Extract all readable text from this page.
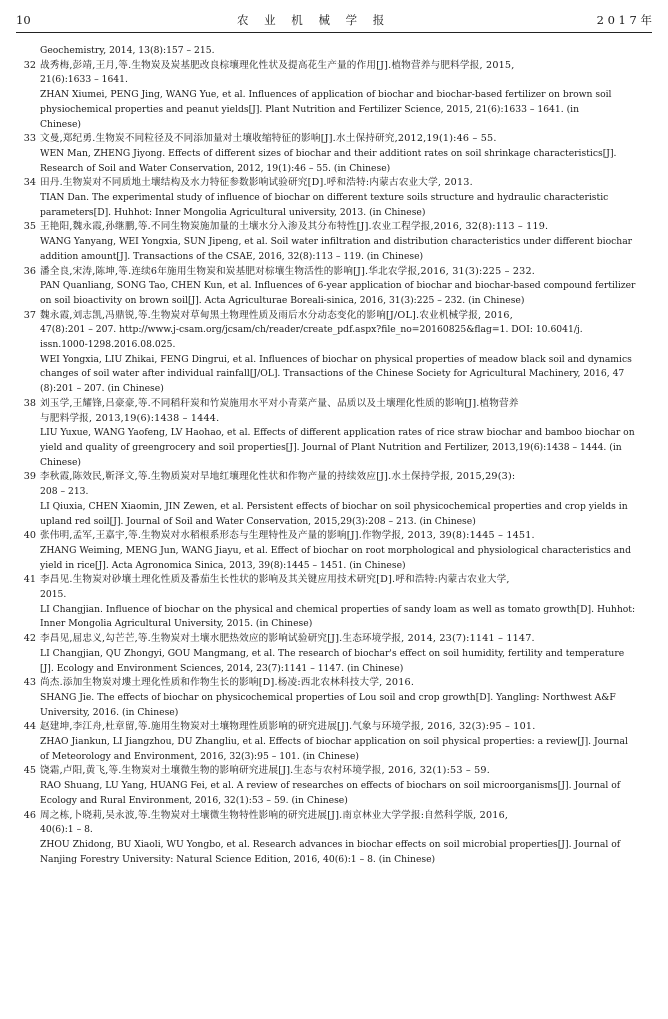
10	农 业 机 械 学 报	2 0 1 7 年
Geochemistry, 2014, 13(8):157 – 215.
32 战秀梅,彭靖,王月,等.生物炭及炭基肥改良棕壤理化性状及提高花生产量的作用[J].植物营养与肥料学报, 2015,
21(6):1633 – 1641.
ZHAN Xiumei, PENG Jing, WANG Yue, et al. Influences of application of biochar and biochar-based fertilizer on brown soil
physiochemical properties and peanut yields[J]. Plant Nutrition and Fertilizer Science, 2015, 21(6):1633 – 1641. (in
Chinese)
33 文曼,郑纪勇.生物炭不同粒径及不同添加量对土壤收缩特征的影响[J].水土保持研究,2012,19(1):46 – 55.
WEN Man, ZHENG Jiyong. Effects of different sizes of biochar and their additiont rates on soil shrinkage characteristics[J].
Research of Soil and Water Conservation, 2012, 19(1):46 – 55. (in Chinese)
34 田丹.生物炭对不同质地土壤结构及水力特征参数影响试验研究[D].呼和浩特:内蒙古农业大学, 2013.
TIAN Dan. The experimental study of influence of biochar on different texture soils structure and hydraulic characteristic
parameters[D]. Huhhot: Inner Mongolia Agricultural university, 2013. (in Chinese)
35 王艳阳,魏永霞,孙继鹏,等.不同生物炭施加量的土壤水分入渗及其分布特性[J].农业工程学报,2016, 32(8):113 – 119.
WANG Yanyang, WEI Yongxia, SUN Jipeng, et al. Soil water infiltration and distribution characteristics under different biochar
addition amount[J]. Transactions of the CSAE, 2016, 32(8):113 – 119. (in Chinese)
36 潘全良,宋涛,陈坤,等.连续6年施用生物炭和炭基肥对棕壤生物活性的影响[J].华北农学报,2016, 31(3):225 – 232.
PAN Quanliang, SONG Tao, CHEN Kun, et al. Influences of 6-year application of biochar and biochar-based compound fertilizer
on soil bioactivity on brown soil[J]. Acta Agriculturae Boreali-sinica, 2016, 31(3):225 – 232. (in Chinese)
37 魏永霞,刘志凯,冯鼎锐,等.生物炭对草甸黑土物理性质及雨后水分动态变化的影响[J/OL].农业机械学报, 2016,
47(8):201 – 207. http://www.j-csam.org/jcsam/ch/reader/create_pdf.aspx?file_no=20160825&flag=1. DOI: 10.6041/j.
issn.1000-1298.2016.08.025.
WEI Yongxia, LIU Zhikai, FENG Dingrui, et al. Influences of biochar on physical properties of meadow black soil and dynamics
changes of soil water after individual rainfall[J/OL]. Transactions of the Chinese Society for Agricultural Machinery, 2016, 47
(8):201 – 207. (in Chinese)
38 刘玉学,王耀锋,吕豪豪,等.不同稻秆炭和竹炭施用水平对小青菜产量、品质以及土壤理化性质的影响[J].植物营养
与肥料学报, 2013,19(6):1438 – 1444.
LIU Yuxue, WANG Yaofeng, LV Haohao, et al. Effects of different application rates of rice straw biochar and bamboo biochar on
yield and quality of greengrocery and soil properties[J]. Journal of Plant Nutrition and Fertilizer, 2013,19(6):1438 – 1444. (in
Chinese)
39 李秋霞,陈效民,靳泽文,等.生物质炭对旱地红壤理化性状和作物产量的持续效应[J].水土保持学报, 2015,29(3):
208 – 213.
LI Qiuxia, CHEN Xiaomin, JIN Zewen, et al. Persistent effects of biochar on soil physicochemical properties and crop yields in
upland red soil[J]. Journal of Soil and Water Conservation, 2015,29(3):208 – 213. (in Chinese)
40 张伟明,孟军,王嘉宇,等.生物炭对水稻根系形态与生理特性及产量的影响[J].作物学报, 2013, 39(8):1445 – 1451.
ZHANG Weiming, MENG Jun, WANG Jiayu, et al. Effect of biochar on root morphological and physiological characteristics and
yield in rice[J]. Acta Agronomica Sinica, 2013, 39(8):1445 – 1451. (in Chinese)
41 李昌见.生物炭对砂壤土理化性质及番茄生长性状的影响及其关键应用技术研究[D].呼和浩特:内蒙古农业大学,
2015.
LI Changjian. Influence of biochar on the physical and chemical properties of sandy loam as well as tomato growth[D]. Huhhot:
Inner Mongolia Agricultural University, 2015. (in Chinese)
42 李昌见,屈忠义,勾芒芒,等.生物炭对土壤水肥热效应的影响试验研究[J].生态环境学报, 2014, 23(7):1141 – 1147.
LI Changjian, QU Zhongyi, GOU Mangmang, et al. The research of biochar's effect on soil humidity, fertility and temperature
[J]. Ecology and Environment Sciences, 2014, 23(7):1141 – 1147. (in Chinese)
43 尚杰.添加生物炭对塿土理化性质和作物生长的影响[D].杨凌:西北农林科技大学, 2016.
SHANG Jie. The effects of biochar on physicochemical properties of Lou soil and crop growth[D]. Yangling: Northwest A&F
University, 2016. (in Chinese)
44 赵建坤,李江舟,杜章留,等.施用生物炭对土壤物理性质影响的研究进展[J].气象与环境学报, 2016, 32(3):95 – 101.
ZHAO Jiankun, LI Jiangzhou, DU Zhangliu, et al. Effects of biochar application on soil physical properties: a review[J]. Journal
of Meteorology and Environment, 2016, 32(3):95 – 101. (in Chinese)
45 饶霜,卢阳,黄飞,等.生物炭对土壤微生物的影响研究进展[J].生态与农村环境学报, 2016, 32(1):53 – 59.
RAO Shuang, LU Yang, HUANG Fei, et al. A review of researches on effects of biochars on soil microorganisms[J]. Journal of
Ecology and Rural Environment, 2016, 32(1):53 – 59. (in Chinese)
46 周之栋,卜晓莉,吴永波,等.生物炭对土壤微生物特性影响的研究进展[J].南京林业大学学报:自然科学版, 2016,
40(6):1 – 8.
ZHOU Zhidong, BU Xiaoli, WU Yongbo, et al. Research advances in biochar effects on soil microbial properties[J]. Journal of
Nanjing Forestry University: Natural Science Edition, 2016, 40(6):1 – 8. (in Chinese)
